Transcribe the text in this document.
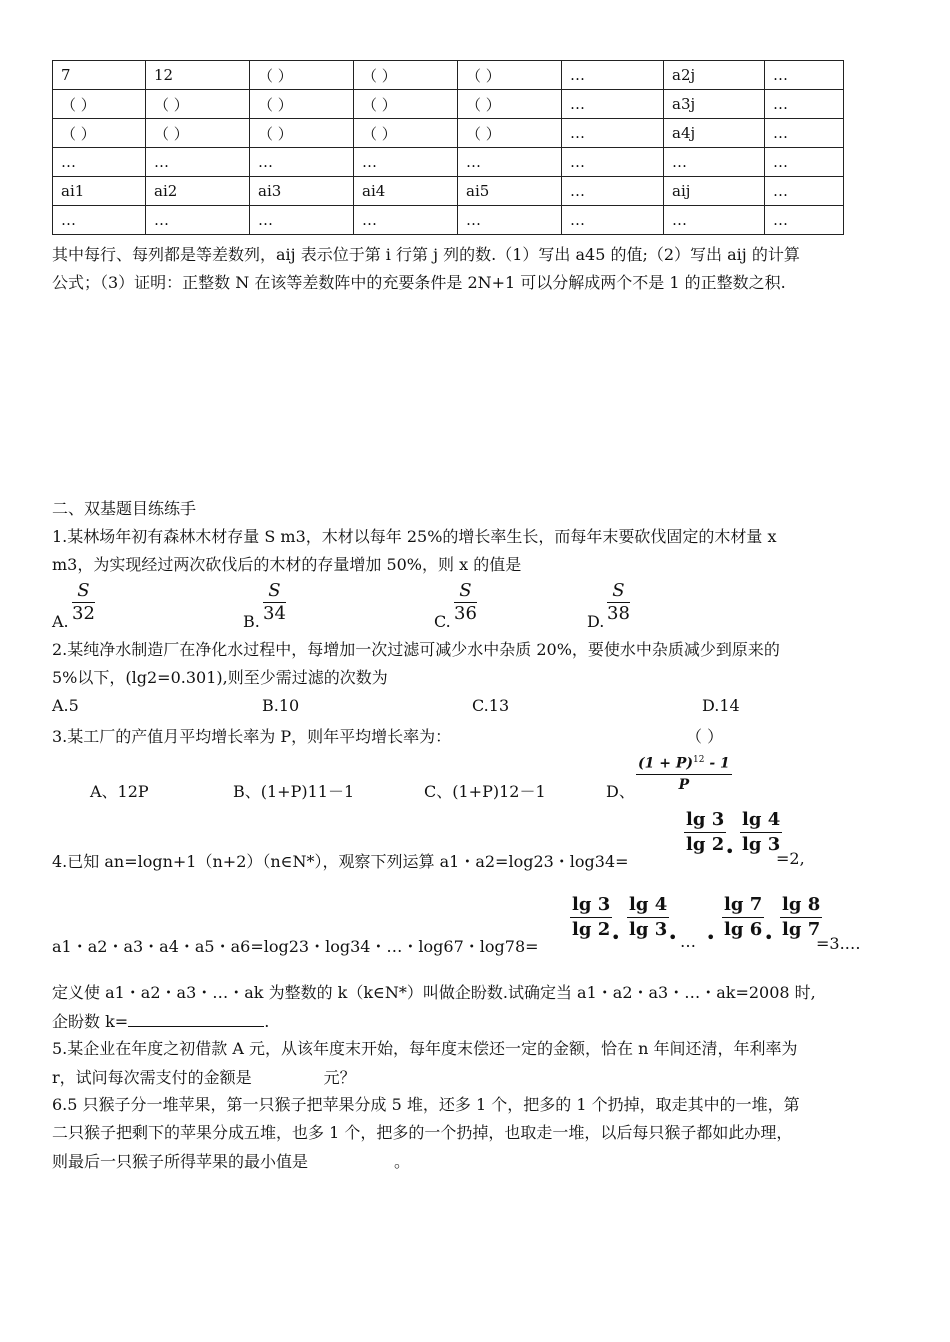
7	12	（ ）	（ ）	（ ）	…	a2j	…
（ ）	（ ）	（ ）	（ ）	（ ）	…	a3j	…
（ ）	（ ）	（ ）	（ ）	（ ）	…	a4j	…
…	…	…	…	…	…	…	…
ai1	ai2	ai3	ai4	ai5	…	aij	…
…	…	…	…	…	…	…	…
其中每行、每列都是等差数列，aij 表示位于第 i 行第 j 列的数.（1）写出 a45 的值;（2）写出 aij 的计算
公式；（3）证明：正整数 N 在该等差数阵中的充要条件是 2N+1 可以分解成两个不是 1 的正整数之积.
二、双基题目练练手
1.某林场年初有森林木材存量 S m3，木材以每年 25%的增长率生长，而每年末要砍伐固定的木材量 x
m3，为实现经过两次砍伐后的木材的存量增加 50%，则 x 的值是
A. $\frac{S}{32}$	B. $\frac{S}{34}$	C. $\frac{S}{36}$	D. $\frac{S}{38}$
2.某纯净水制造厂在净化水过程中，每增加一次过滤可减少水中杂质 20%，要使水中杂质减少到原来的
5%以下，(lg2=0.301),则至少需过滤的次数为
A.5	B.10	C.13	D.14
3.某工厂的产值月平均增长率为 P，则年平均增长率为：	（ ）
A、12P	B、(1+P)11－1	C、(1+P)12－1	D、 $\frac{(1 + P)^{12} - 1}{P}$
4.已知 an=logn+1（n+2）（n∈N*），观察下列运算 a1・a2=log23・log34=
$\frac{\lg 3}{\lg 2}$
• $\frac{\lg 4}{\lg 3}$
=2,
a1・a2・a3・a4・a5・a6=log23・log34・…・log67・log78=
$\frac{\lg 3}{\lg 2}$
• $\frac{\lg 4}{\lg 3}$
• … • $\frac{\lg 7}{\lg 6}$ • $\frac{\lg 8}{\lg 7}$
=3.…
定义使 a1・a2・a3・…・ak 为整数的 k（k∈N*）叫做企盼数.试确定当 a1・a2・a3・…・ak=2008 时,
企盼数 k=	.
5.某企业在年度之初借款 A 元，从该年度末开始，每年度末偿还一定的金额，恰在 n 年间还清，年利率为
r，试问每次需支付的金额是	元？
6.5 只猴子分一堆苹果，第一只猴子把苹果分成 5 堆，还多 1 个，把多的 1 个扔掉，取走其中的一堆，第
二只猴子把剩下的苹果分成五堆，也多 1 个，把多的一个扔掉，也取走一堆，以后每只猴子都如此办理，
则最后一只猴子所得苹果的最小值是	。
